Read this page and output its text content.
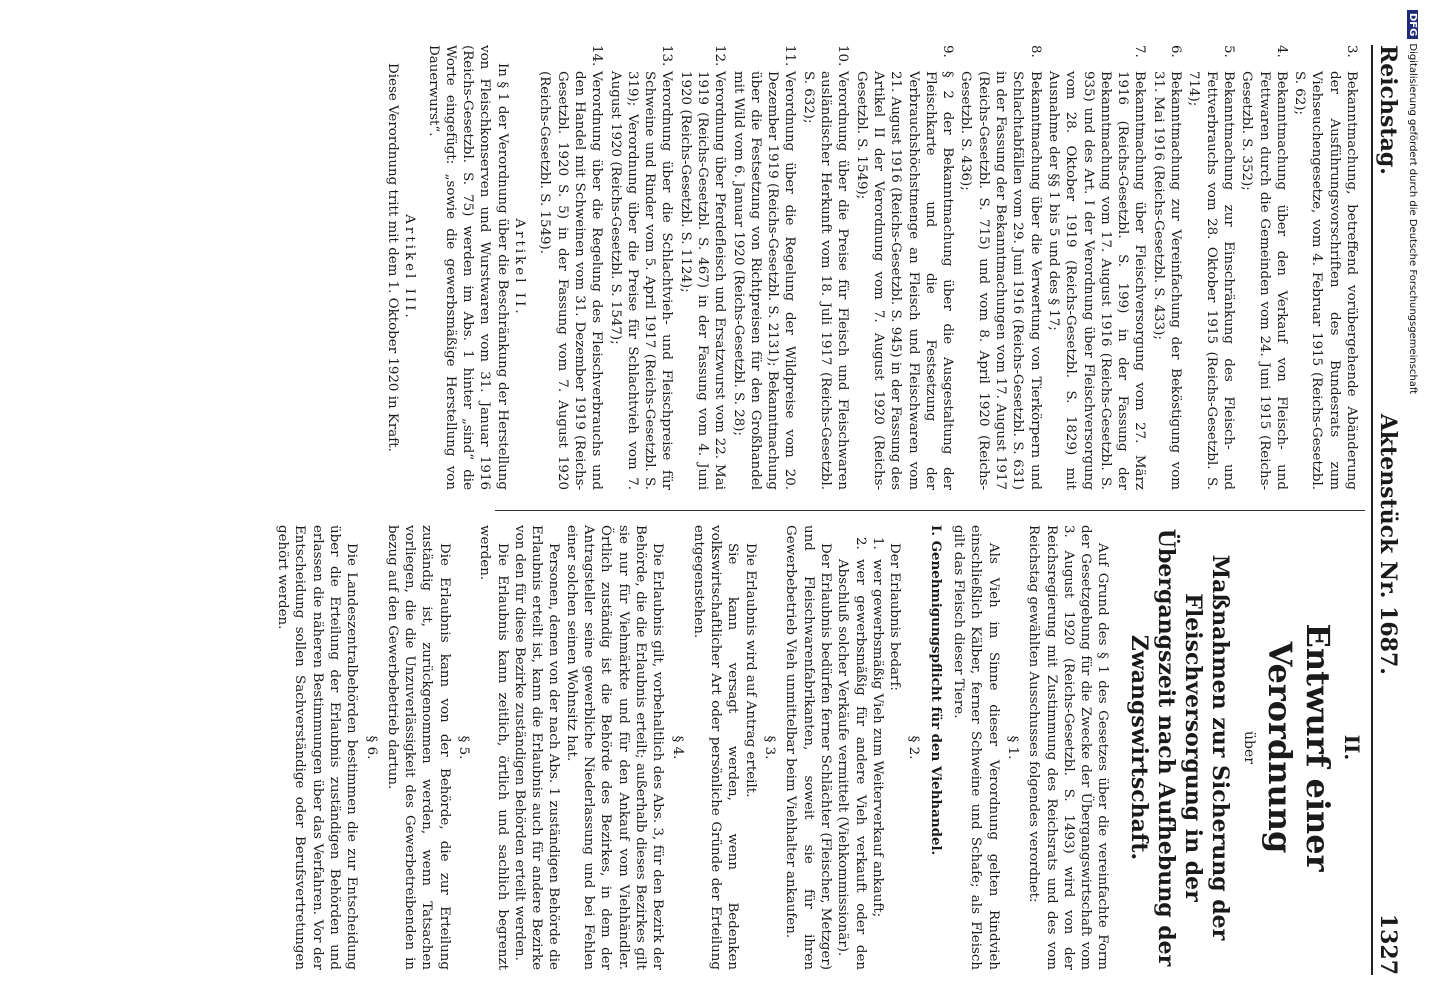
Reichstag.
Aktenstück Nr. 1687.
1327
3.
Bekanntmachung, betreffend vorübergehende Abänderung der Ausführungsvorschriften des Bundesrats zum Viehseuchengesetze, vom 4. Februar 1915 (Reichs-Gesetzbl. S. 62);
4.
Bekanntmachung über den Verkauf von Fleisch- und Fettwaren durch die Gemeinden vom 24. Juni 1915 (Reichs-Gesetzbl. S. 352);
5.
Bekanntmachung zur Einschränkung des Fleisch- und Fettverbrauchs vom 28. Oktober 1915 (Reichs-Gesetzbl. S. 714);
6.
Bekanntmachung zur Vereinfachung der Beköstigung vom 31. Mai 1916 (Reichs-Gesetzbl. S. 433);
7.
Bekanntmachung über Fleischversorgung vom 27. März 1916 (Reichs-Gesetzbl. S. 199) in der Fassung der Bekanntmachung vom 17. August 1916 (Reichs-Gesetzbl. S. 935) und des Art. I der Verordnung über Fleischversorgung vom 28. Oktober 1919 (Reichs-Gesetzbl. S. 1829) mit Ausnahme der §§ 1 bis 5 und des § 17;
8.
Bekanntmachung über die Verwertung von Tierkörpern und Schlachtabfällen vom 29. Juni 1916 (Reichs-Gesetzbl. S. 631) in der Fassung der Bekanntmachungen vom 17. August 1917 (Reichs-Gesetzbl. S. 715) und vom 8. April 1920 (Reichs-Gesetzbl. S. 436);
9.
§ 2 der Bekanntmachung über die Ausgestaltung der Fleischkarte und die Festsetzung der Verbrauchshöchstmenge an Fleisch und Fleischwaren vom 21. August 1916 (Reichs-Gesetzbl. S. 945) in der Fassung des Artikel II der Verordnung vom 7. August 1920 (Reichs-Gesetzbl. S. 1549);
10.
Verordnung über die Preise für Fleisch und Fleischwaren ausländischer Herkunft vom 18. Juli 1917 (Reichs-Gesetzbl. S. 632);
11.
Verordnung über die Regelung der Wildpreise vom 20. Dezember 1919 (Reichs-Gesetzbl. S. 2131); Bekanntmachung über die Festsetzung von Richtpreisen für den Großhandel mit Wild vom 6. Januar 1920 (Reichs-Gesetzbl. S. 28);
12.
Verordnung über Pferdefleisch und Ersatzwurst vom 22. Mai 1919 (Reichs-Gesetzbl. S. 467) in der Fassung vom 4. Juni 1920 (Reichs-Gesetzbl. S. 1124);
13.
Verordnung über die Schlachtvieh- und Fleischpreise für Schweine und Rinder vom 5. April 1917 (Reichs-Gesetzbl. S. 319); Verordnung über die Preise für Schlachtvieh vom 7. August 1920 (Reichs-Gesetzbl. S. 1547);
14.
Verordnung über die Regelung des Fleischverbrauchs und den Handel mit Schweinen vom 31. Dezember 1919 (Reichs-Gesetzbl. 1920 S. 5) in der Fassung vom 7. August 1920 (Reichs-Gesetzbl. S. 1549).
Artikel II.

In § 1 der Verordnung über die Beschränkung der Herstellung von Fleischkonserven und Wurstwaren vom 31. Januar 1916 (Reichs-Gesetzbl. S. 75) werden im Abs. 1 hinter „sind“ die Worte eingefügt: „sowie die gewerbsmäßige Herstellung von Dauerwurst“.

Artikel III.

Diese Verordnung tritt mit dem 1. Oktober 1920 in Kraft.

II.
Entwurf einer Verordnung
über
Maßnahmen zur Sicherung der Fleischversorgung in der Übergangszeit nach Aufhebung der Zwangswirtschaft.

Auf Grund des § 1 des Gesetzes über die vereinfachte Form der Gesetzgebung für die Zwecke der Übergangswirtschaft vom 3. August 1920 (Reichs-Gesetzbl. S. 1493) wird von der Reichsregierung mit Zustimmung des Reichsrats und des vom Reichstag gewählten Ausschusses folgendes verordnet:

§ 1.

Als Vieh im Sinne dieser Verordnung gelten Rindvieh einschließlich Kälber, ferner Schweine und Schafe; als Fleisch gilt das Fleisch dieser Tiere.

I. Genehmigungspflicht für den Viehhandel.
§ 2.

Der Erlaubnis bedarf:

1.
wer gewerbsmäßig Vieh zum Weiterverkauf ankauft;
2.
wer gewerbsmäßig für andere Vieh verkauft oder den Abschluß solcher Verkäufe vermittelt (Viehkommissionär).

Der Erlaubnis bedürfen ferner Schlächter (Fleischer, Metzger) und Fleischwarenfabrikanten, soweit sie für ihren Gewerbebetrieb Vieh unmittelbar beim Viehhalter ankaufen.

§ 3.

Die Erlaubnis wird auf Antrag erteilt.

Sie kann versagt werden, wenn Bedenken volkswirtschaftlicher Art oder persönliche Gründe der Erteilung entgegenstehen.

§ 4.

Die Erlaubnis gilt, vorbehaltlich des Abs. 3, für den Bezirk der Behörde, die die Erlaubnis erteilt; außerhalb dieses Bezirkes gilt sie nur für Viehmärkte und für den Ankauf vom Viehhändler. Örtlich zuständig ist die Behörde des Bezirkes, in dem der Antragsteller seine gewerbliche Niederlassung und bei Fehlen einer solchen seinen Wohnsitz hat.

Personen, denen von der nach Abs. 1 zuständigen Behörde die Erlaubnis erteilt ist, kann die Erlaubnis auch für andere Bezirke von den für diese Bezirke zuständigen Behörden erteilt werden.

Die Erlaubnis kann zeitlich, örtlich und sachlich begrenzt werden.

§ 5.

Die Erlaubnis kann von der Behörde, die zur Erteilung zuständig ist, zurückgenommen werden, wenn Tatsachen vorliegen, die die Unzuverlässigkeit des Gewerbetreibenden in bezug auf den Gewerbebetrieb dartun.

§ 6.

Die Landeszentralbehörden bestimmen die zur Entscheidung über die Erteilung der Erlaubnis zuständigen Behörden und erlassen die näheren Bestimmungen über das Verfahren. Vor der Entscheidung sollen Sachverständige oder Berufsvertretungen gehört werden.

DFGDigitalisierung gefördert durch die Deutsche Forschungsgemeinschaft
